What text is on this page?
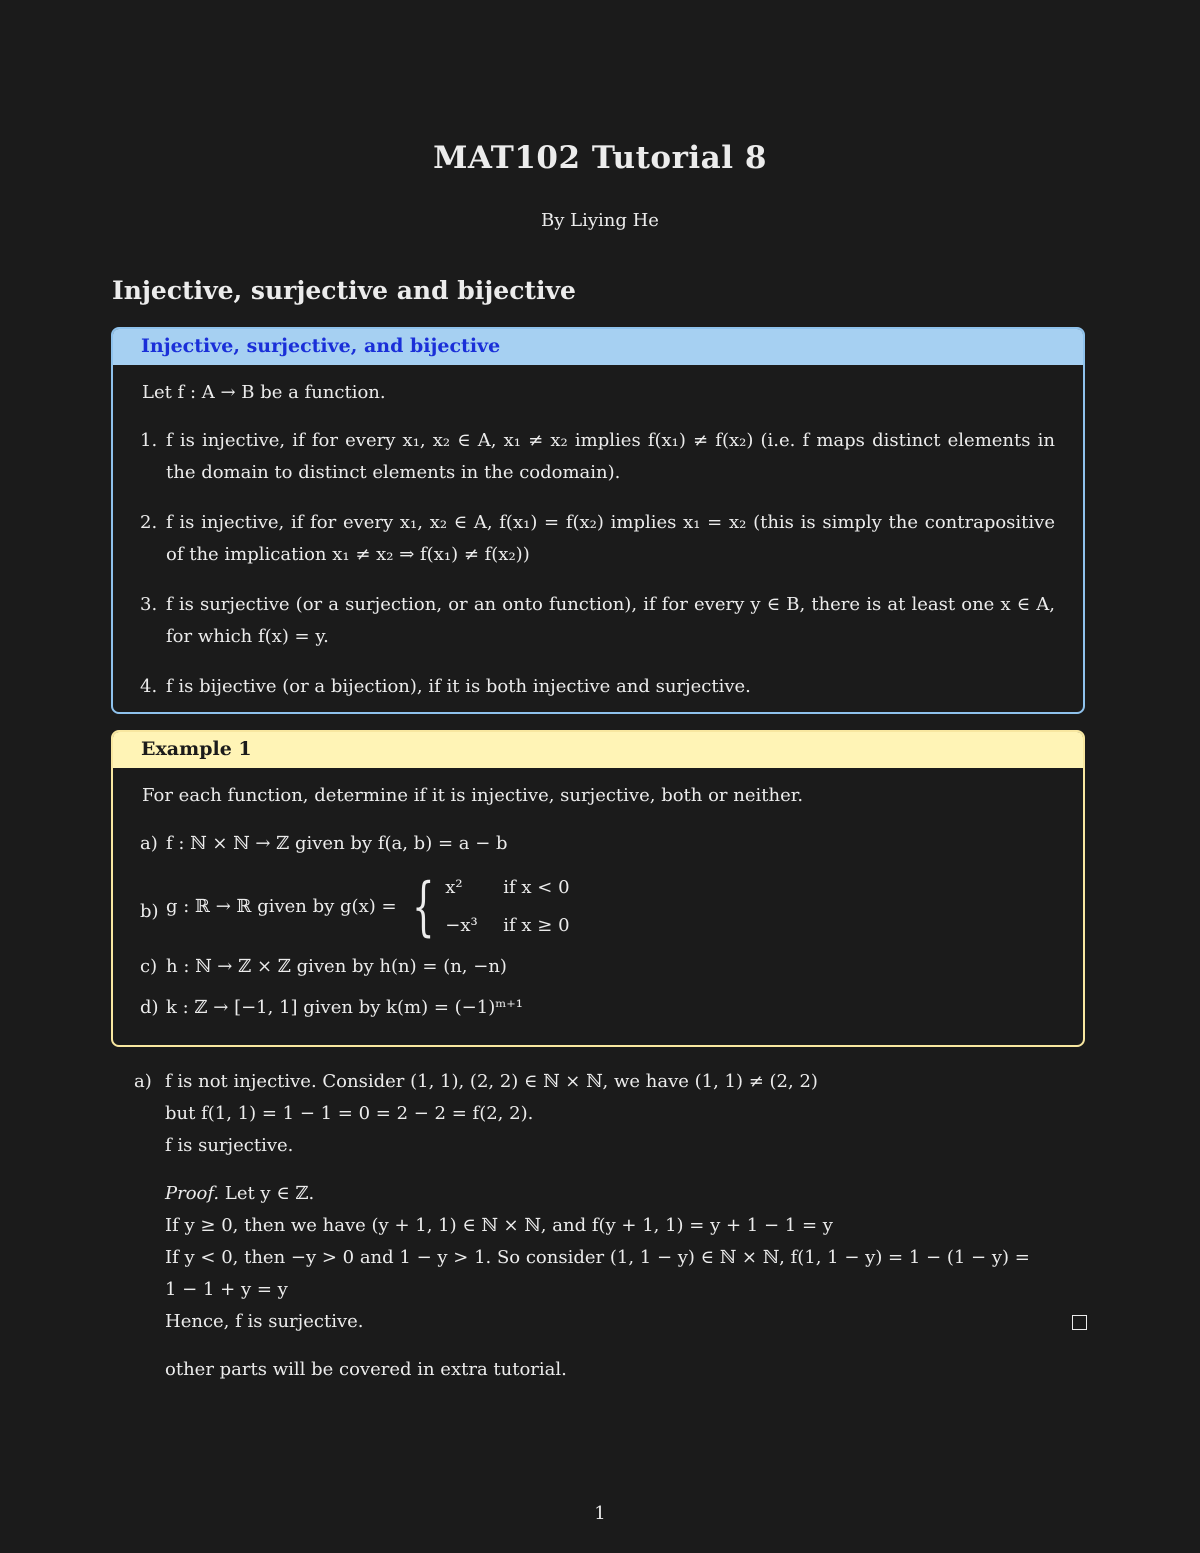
MAT102 Tutorial 8
By Liying He
Injective, surjective and bijective
Injective, surjective, and bijective
Let f : A → B be a function.
1. f is injective, if for every x₁, x₂ ∈ A, x₁ ≠ x₂ implies f(x₁) ≠ f(x₂) (i.e. f maps distinct elements in the domain to distinct elements in the codomain).
2. f is injective, if for every x₁, x₂ ∈ A, f(x₁) = f(x₂) implies x₁ = x₂ (this is simply the contrapositive of the implication x₁ ≠ x₂ ⇒ f(x₁) ≠ f(x₂))
3. f is surjective (or a surjection, or an onto function), if for every y ∈ B, there is at least one x ∈ A, for which f(x) = y.
4. f is bijective (or a bijection), if it is both injective and surjective.
Example 1
For each function, determine if it is injective, surjective, both or neither.
a) f : ℕ × ℕ → ℤ given by f(a, b) = a − b
b) g : ℝ → ℝ given by g(x) = { x²	if x < 0
−x³	if x ≥ 0
c) h : ℕ → ℤ × ℤ given by h(n) = (n, −n)
d) k : ℤ → [−1, 1] given by k(m) = (−1)ᵐ⁺¹
a) f is not injective. Consider (1, 1), (2, 2) ∈ ℕ × ℕ, we have (1, 1) ≠ (2, 2)
but f(1, 1) = 1 − 1 = 0 = 2 − 2 = f(2, 2).
f is surjective.
Proof. Let y ∈ ℤ.
If y ≥ 0, then we have (y + 1, 1) ∈ ℕ × ℕ, and f(y + 1, 1) = y + 1 − 1 = y
If y < 0, then −y > 0 and 1 − y > 1. So consider (1, 1 − y) ∈ ℕ × ℕ, f(1, 1 − y) = 1 − (1 − y) =
1 − 1 + y = y
Hence, f is surjective.
other parts will be covered in extra tutorial.
1
